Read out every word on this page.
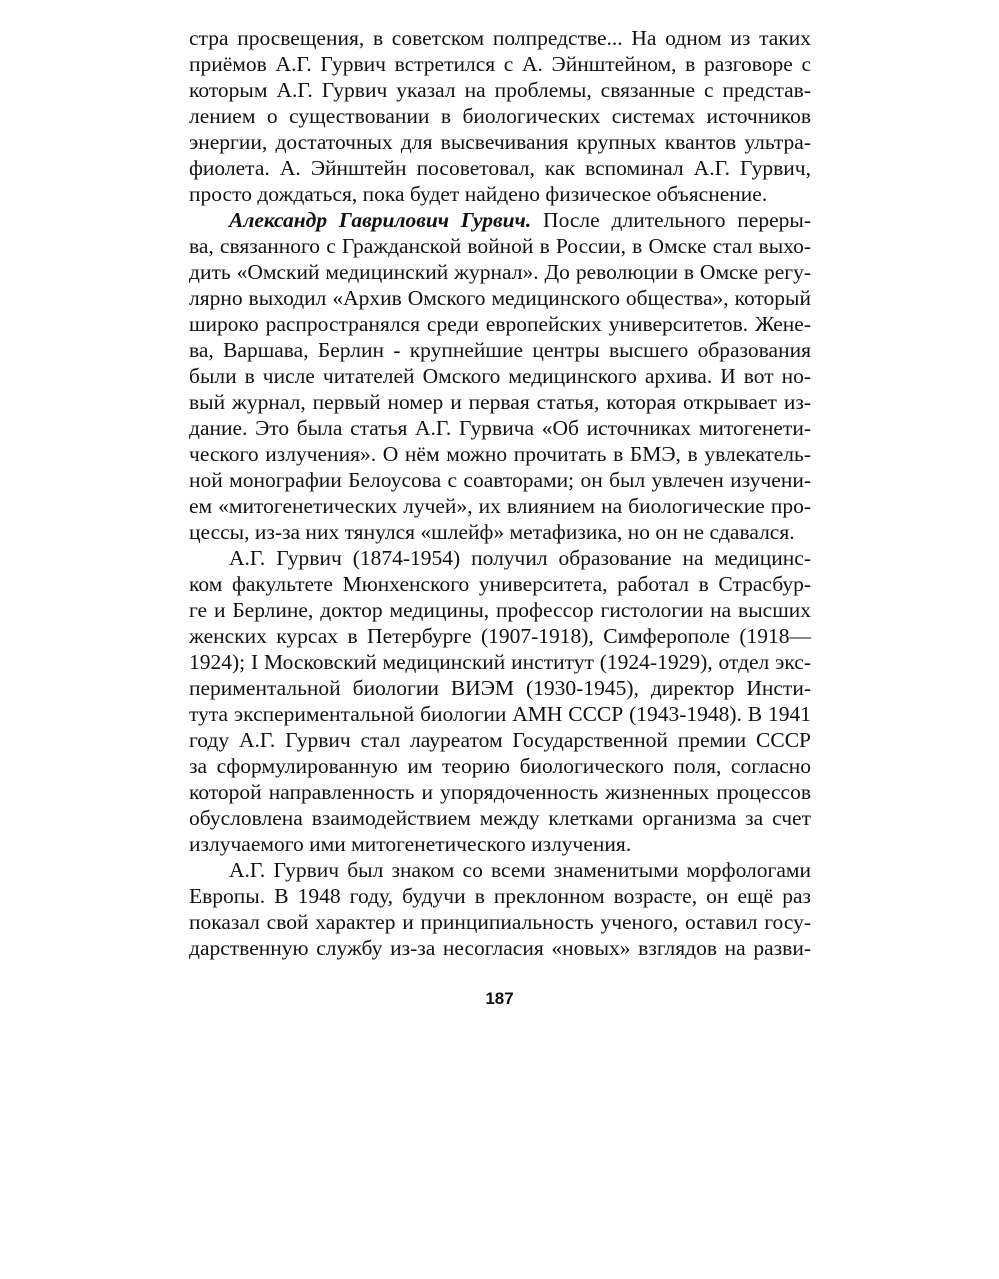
стра просвещения, в советском полпредстве... На одном из таких
приёмов А.Г. Гурвич встретился с А. Эйнштейном, в разговоре с
которым А.Г. Гурвич указал на проблемы, связанные с представ-
лением о существовании в биологических системах источников
энергии, достаточных для высвечивания крупных квантов ультра-
фиолета. А. Эйнштейн посоветовал, как вспоминал А.Г. Гурвич,
просто дождаться, пока будет найдено физическое объяснение.
Александр Гаврилович Гурвич. После длительного переры-
ва, связанного с Гражданской войной в России, в Омске стал выхо-
дить «Омский медицинский журнал». До революции в Омске регу-
лярно выходил «Архив Омского медицинского общества», который
широко распространялся среди европейских университетов. Жене-
ва, Варшава, Берлин - крупнейшие центры высшего образования
были в числе читателей Омского медицинского архива. И вот но-
вый журнал, первый номер и первая статья, которая открывает из-
дание. Это была статья А.Г. Гурвича «Об источниках митогенети-
ческого излучения». О нём можно прочитать в БМЭ, в увлекатель-
ной монографии Белоусова с соавторами; он был увлечен изучени-
ем «митогенетических лучей», их влиянием на биологические про-
цессы, из-за них тянулся «шлейф» метафизика, но он не сдавался.
А.Г. Гурвич (1874-1954) получил образование на медицинс-
ком факультете Мюнхенского университета, работал в Страсбур-
ге и Берлине, доктор медицины, профессор гистологии на высших
женских курсах в Петербурге (1907-1918), Симферополе (1918—
1924); I Московский медицинский институт (1924-1929), отдел экс-
периментальной биологии ВИЭМ (1930-1945), директор Инсти-
тута экспериментальной биологии АМН СССР (1943-1948). В 1941
году А.Г. Гурвич стал лауреатом Государственной премии СССР
за сформулированную им теорию биологического поля, согласно
которой направленность и упорядоченность жизненных процессов
обусловлена взаимодействием между клетками организма за счет
излучаемого ими митогенетического излучения.
А.Г. Гурвич был знаком со всеми знаменитыми морфологами
Европы. В 1948 году, будучи в преклонном возрасте, он ещё раз
показал свой характер и принципиальность ученого, оставил госу-
дарственную службу из-за несогласия «новых» взглядов на разви-
187
